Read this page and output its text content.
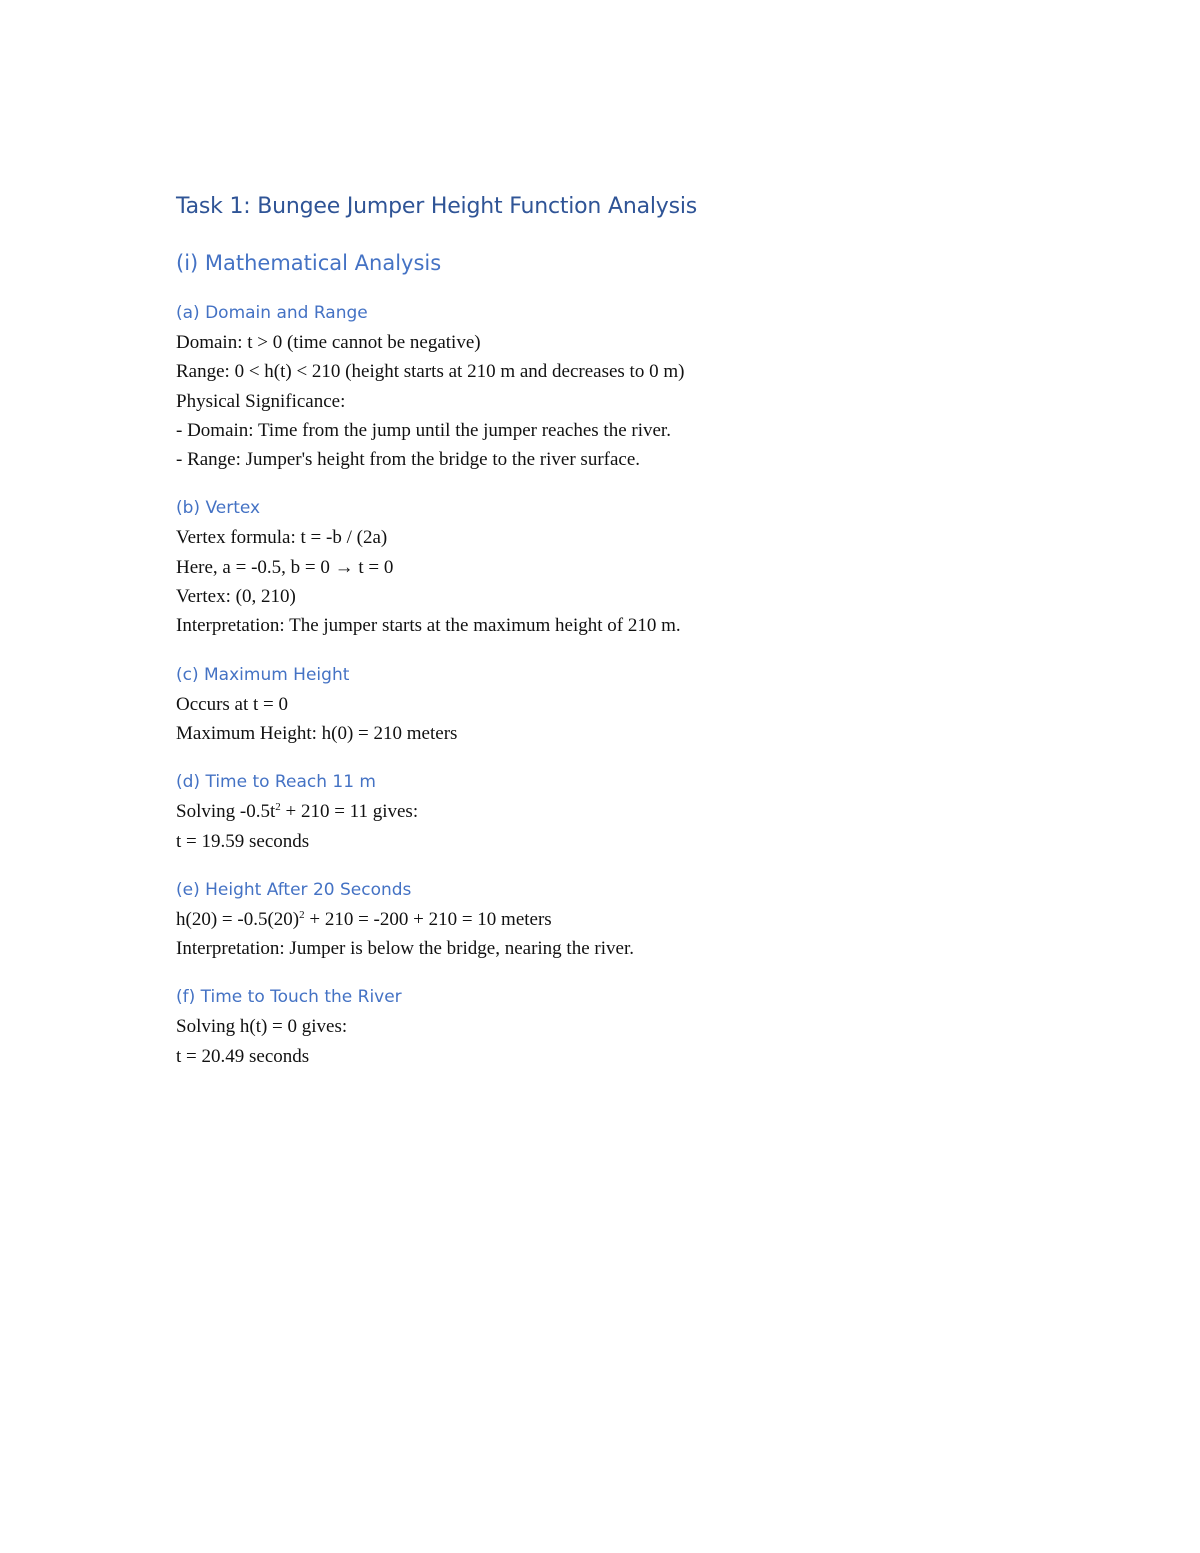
Task 1: Bungee Jumper Height Function Analysis
(i) Mathematical Analysis
(a) Domain and Range
Domain: t > 0 (time cannot be negative)
Range: 0 < h(t) < 210 (height starts at 210 m and decreases to 0 m)
Physical Significance:
- Domain: Time from the jump until the jumper reaches the river.
- Range: Jumper's height from the bridge to the river surface.
(b) Vertex
Vertex formula: t = -b / (2a)
Here, a = -0.5, b = 0 → t = 0
Vertex: (0, 210)
Interpretation: The jumper starts at the maximum height of 210 m.
(c) Maximum Height
Occurs at t = 0
Maximum Height: h(0) = 210 meters
(d) Time to Reach 11 m
Solving $-0.5t^2 + 210 = 11$ gives:
t = 19.59 seconds
(e) Height After 20 Seconds
$h(20) = -0.5(20)^2 + 210 = -200 + 210 = 10$ meters
Interpretation: Jumper is below the bridge, nearing the river.
(f) Time to Touch the River
Solving h(t) = 0 gives:
t = 20.49 seconds
